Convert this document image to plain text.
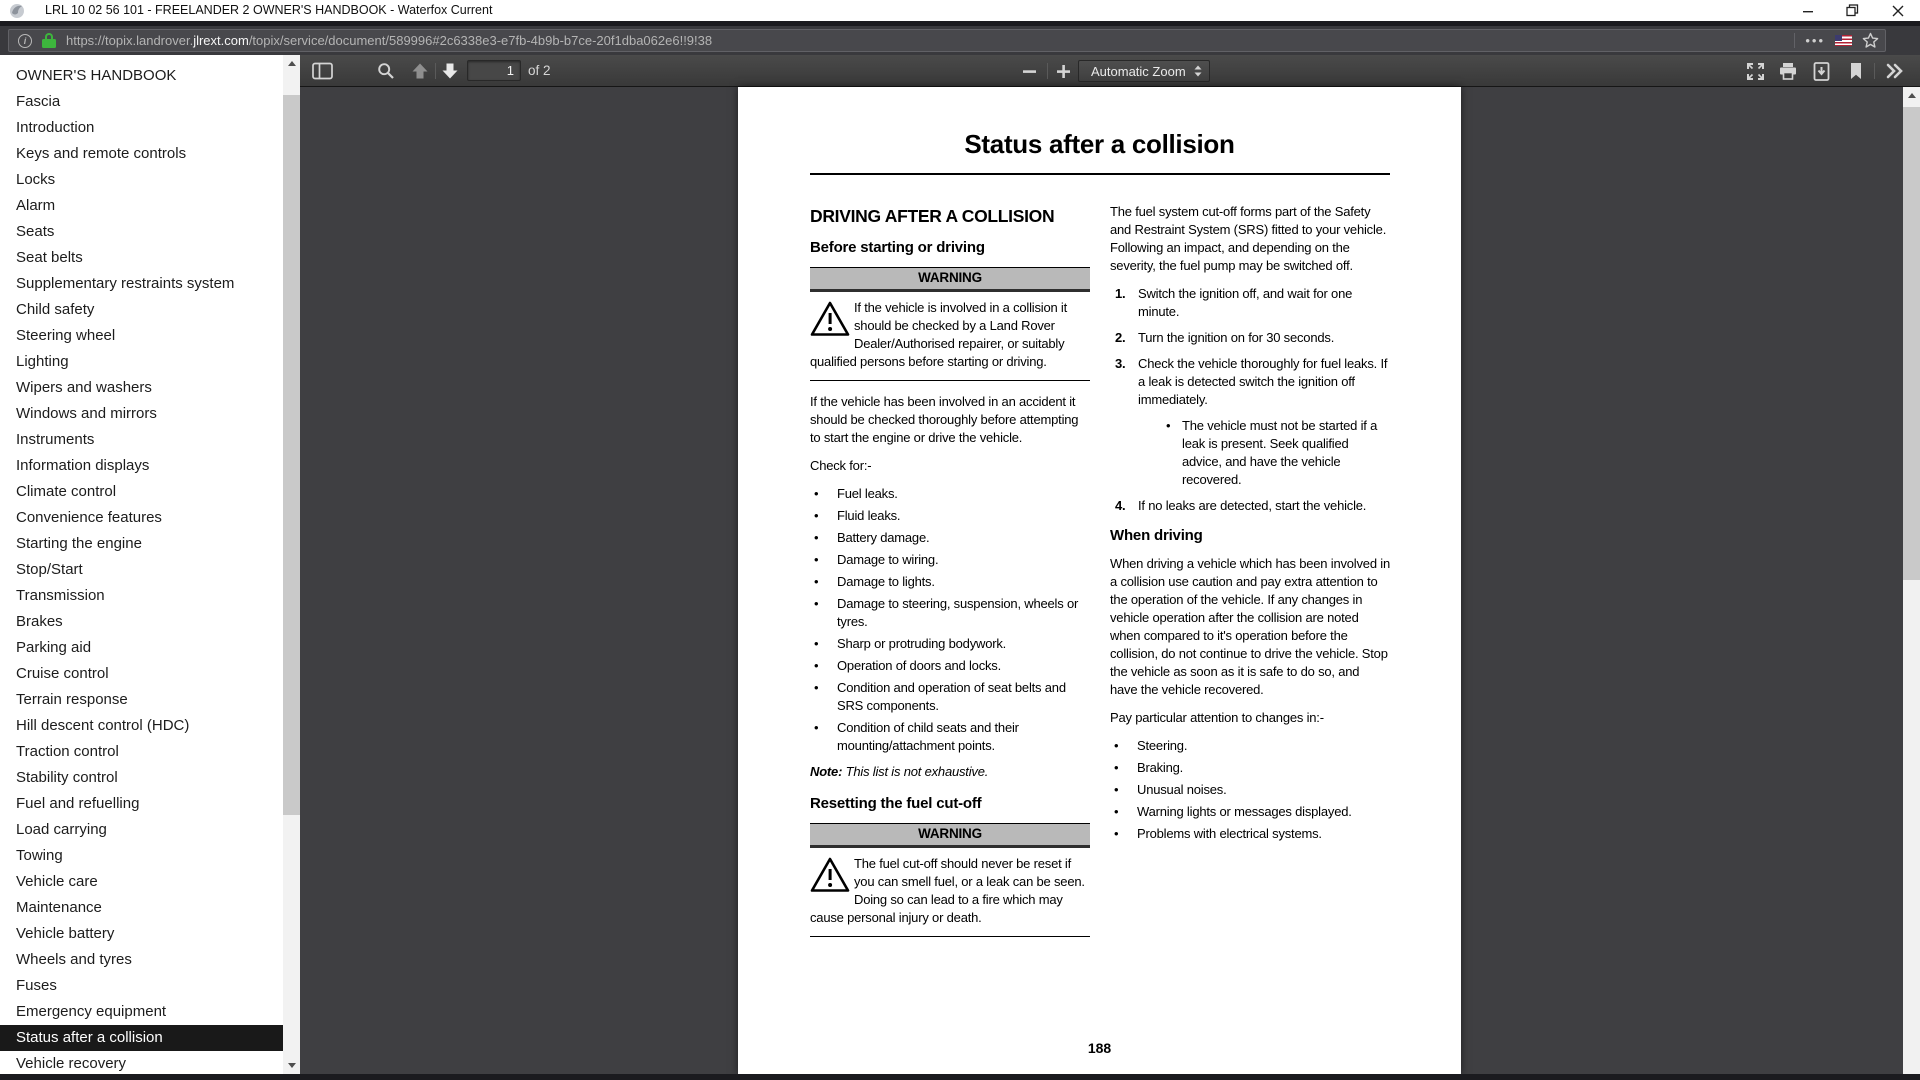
LRL 10 02 56 101 - FREELANDER 2 OWNER'S HANDBOOK - Waterfox Current
i	https://topix.landrover.jlrext.com/topix/service/document/589996#2c6338e3-e7fb-4b9b-b7ce-20f1dba062e6!!9!38	•••
OWNER'S HANDBOOK
Fascia
Introduction
Keys and remote controls
Locks
Alarm
Seats
Seat belts
Supplementary restraints system
Child safety
Steering wheel
Lighting
Wipers and washers
Windows and mirrors
Instruments
Information displays
Climate control
Convenience features
Starting the engine
Stop/Start
Transmission
Brakes
Parking aid
Cruise control
Terrain response
Hill descent control (HDC)
Traction control
Stability control
Fuel and refuelling
Load carrying
Towing
Vehicle care
Maintenance
Vehicle battery
Wheels and tyres
Fuses
Emergency equipment
Status after a collision
Vehicle recovery
1
of 2	Automatic Zoom
Status after a collision
DRIVING AFTER A COLLISION
Before starting or driving
WARNING
If the vehicle is involved in a collision it should be checked by a Land Rover Dealer/Authorised repairer, or suitably qualified persons before starting or driving.
If the vehicle has been involved in an accident it should be checked thoroughly before attempting to start the engine or drive the vehicle.
Check for:-
•	Fuel leaks.
•	Fluid leaks.
•	Battery damage.
•	Damage to wiring.
•	Damage to lights.
•	Damage to steering, suspension, wheels or tyres.
•	Sharp or protruding bodywork.
•	Operation of doors and locks.
•	Condition and operation of seat belts and SRS components.
•	Condition of child seats and their mounting/attachment points.
Note: This list is not exhaustive.
Resetting the fuel cut-off
WARNING
The fuel cut-off should never be reset if you can smell fuel, or a leak can be seen. Doing so can lead to a fire which may cause personal injury or death.
The fuel system cut-off forms part of the Safety and Restraint System (SRS) fitted to your vehicle. Following an impact, and depending on the severity, the fuel pump may be switched off.
1. Switch the ignition off, and wait for one minute.
2. Turn the ignition on for 30 seconds.
3. Check the vehicle thoroughly for fuel leaks. If a leak is detected switch the ignition off immediately.
• The vehicle must not be started if a leak is present. Seek qualified advice, and have the vehicle recovered.
4. If no leaks are detected, start the vehicle.
When driving
When driving a vehicle which has been involved in a collision use caution and pay extra attention to the operation of the vehicle. If any changes in vehicle operation after the collision are noted when compared to it's operation before the collision, do not continue to drive the vehicle. Stop the vehicle as soon as it is safe to do so, and have the vehicle recovered.
Pay particular attention to changes in:-
•	Steering.
•	Braking.
•	Unusual noises.
•	Warning lights or messages displayed.
•	Problems with electrical systems.
188
